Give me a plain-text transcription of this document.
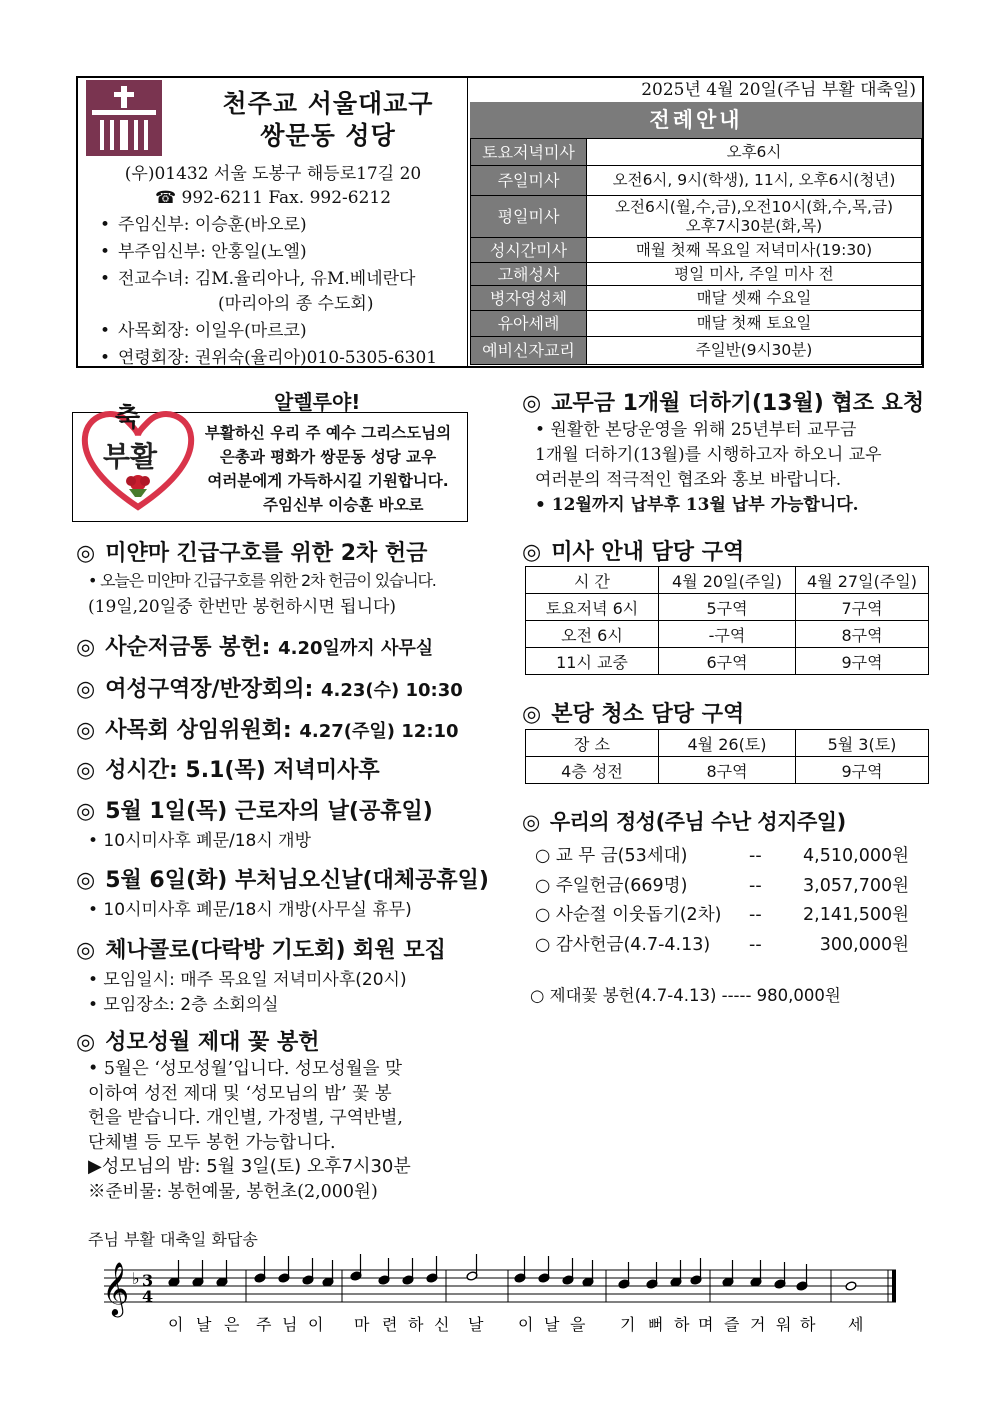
천주교 서울대교구
쌍문동 성당
(우)01432 서울 도봉구 해등로17길 20
☎ 992-6211 Fax. 992-6212
• 주임신부: 이승훈(바오로)
• 부주임신부: 안홍일(노엘)
• 전교수녀: 김M.율리아나, 유M.베네란다
(마리아의 종 수도회)
• 사목회장: 이일우(마르코)
• 연령회장: 권위숙(율리아)010-5305-6301
2025년 4월 20일(주님 부활 대축일)
전례안내
토요저녁미사	오후6시
주일미사	오전6시, 9시(학생), 11시, 오후6시(청년)
평일미사	오전6시(월,수,금),오전10시(화,수,목,금)
오후7시30분(화,목)

성시간미사	매월 첫째 목요일 저녁미사(19:30)
고해성사	평일 미사, 주일 미사 전
병자영성체	매달 셋째 수요일
유아세례	매달 첫째 토요일
예비신자교리	주일반(9시30분)
알렐루야!
축
부활
부활하신 우리 주 예수 그리스도님의
은총과 평화가 쌍문동 성당 교우
여러분에게 가득하시길 기원합니다.
주임신부 이승훈 바오로
◎ 미얀마 긴급구호를 위한 2차 헌금
• 오늘은 미얀마 긴급구호를 위한 2차 헌금이 있습니다.
(19일,20일중 한번만 봉헌하시면 됩니다)
◎ 사순저금통 봉헌: 4.20일까지 사무실
◎ 여성구역장/반장회의: 4.23(수) 10:30
◎ 사목회 상임위원회: 4.27(주일) 12:10
◎ 성시간: 5.1(목) 저녁미사후
◎ 5월 1일(목) 근로자의 날(공휴일)
• 10시미사후 폐문/18시 개방
◎ 5월 6일(화) 부처님오신날(대체공휴일)
• 10시미사후 폐문/18시 개방(사무실 휴무)
◎ 체나콜로(다락방 기도회) 회원 모집
• 모임일시: 매주 목요일 저녁미사후(20시)
• 모임장소: 2층 소회의실
◎ 성모성월 제대 꽃 봉헌
• 5월은 ‘성모성월’입니다. 성모성월을 맞
이하여 성전 제대 및 ‘성모님의 밤’ 꽃 봉
헌을 받습니다. 개인별, 가정별, 구역반별,
단체별 등 모두 봉헌 가능합니다.
▶성모님의 밤: 5월 3일(토) 오후7시30분
※준비물: 봉헌예물, 봉헌초(2,000원)
◎ 교무금 1개월 더하기(13월) 협조 요청
• 원활한 본당운영을 위해 25년부터 교무금
1개월 더하기(13월)를 시행하고자 하오니 교우
여러분의 적극적인 협조와 홍보 바랍니다.
• 12월까지 납부후 13월 납부 가능합니다.
◎ 미사 안내 담당 구역
시 간	4월 20일(주일)	4월 27일(주일)
토요저녁 6시	5구역	7구역
오전 6시	-구역	8구역
11시 교중	6구역	9구역
◎ 본당 청소 담당 구역
장 소	4월 26(토)	5월 3(토)
4층 성전	8구역	9구역
◎ 우리의 정성(주님 수난 성지주일)
○ 교 무 금(53세대)	-- 4,510,000원
○ 주일헌금(669명)	-- 3,057,700원
○ 사순절 이웃돕기(2차) -- 2,141,500원
○ 감사헌금(4.7-4.13) --	300,000원
○ 제대꽃 봉헌(4.7-4.13) ----- 980,000원
주님 부활 대축일 화답송
𝄞 ♭ 3
4
이 날 은 주 님 이 마 련 하 신 날 이 날 을 기 뻐 하 며 즐 거 워 하 세
